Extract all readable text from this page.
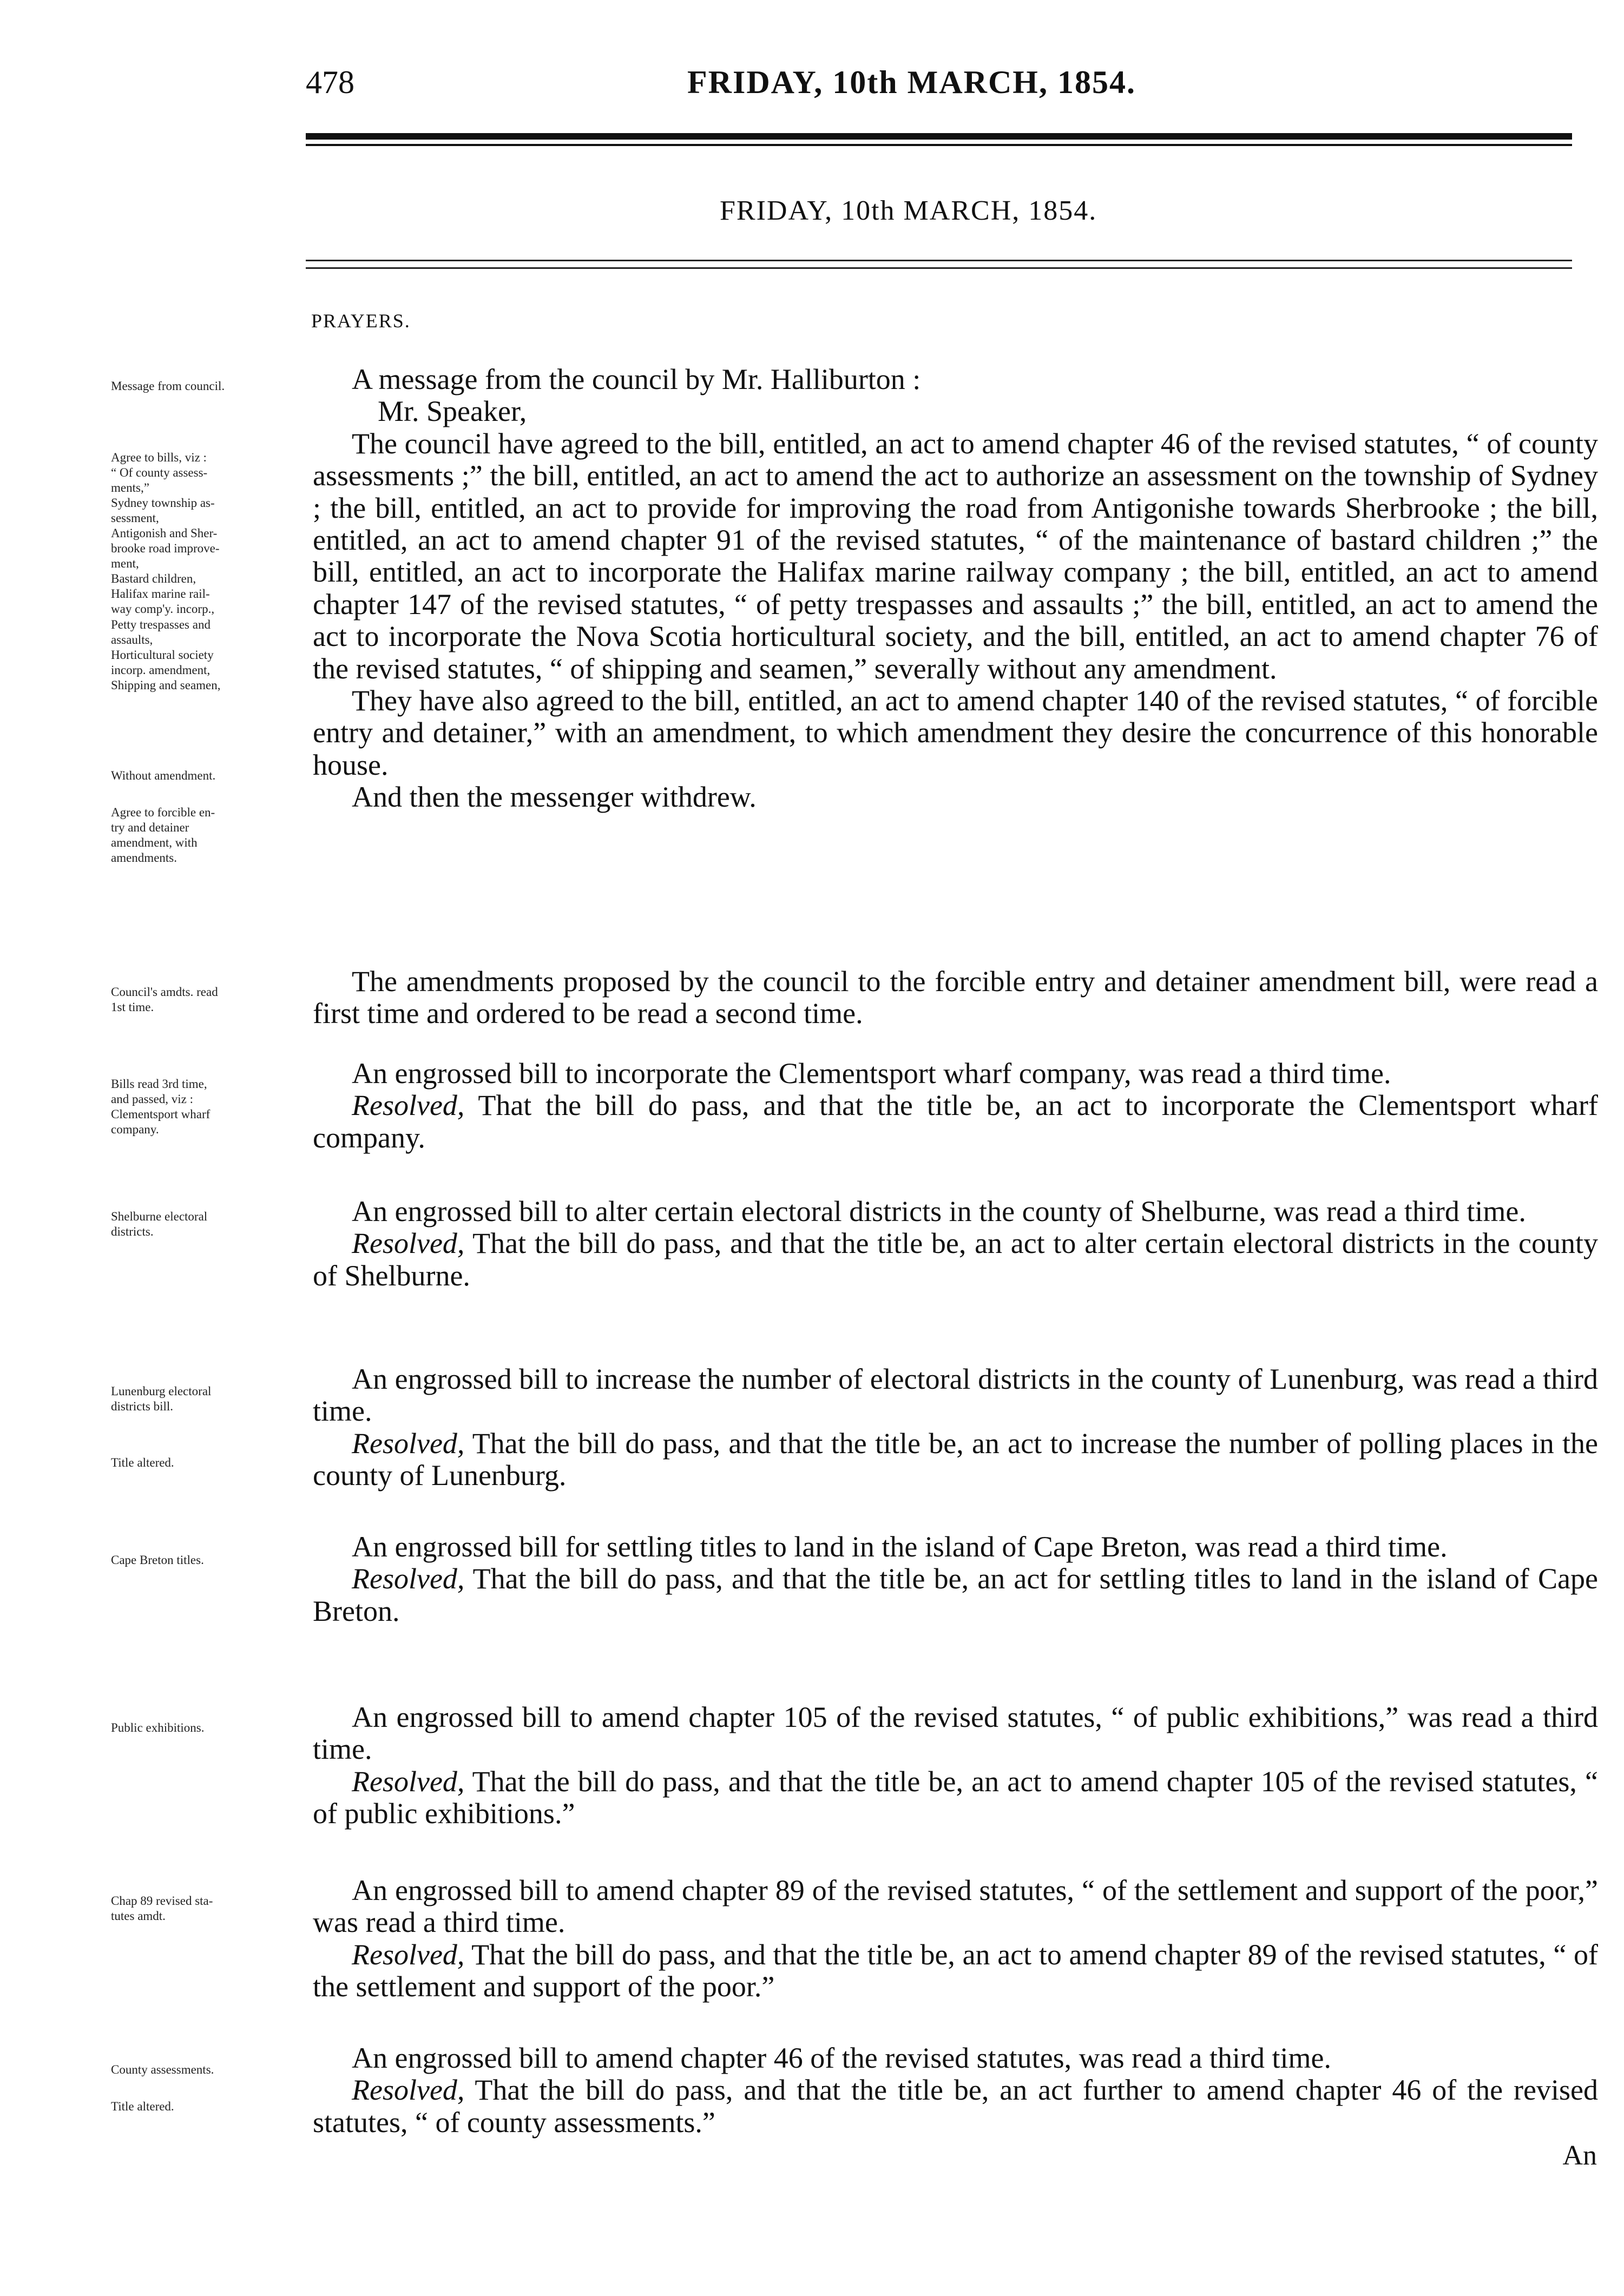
478	FRIDAY, 10th MARCH, 1854.
FRIDAY, 10th MARCH, 1854.
PRAYERS.
Message from council.
Agree to bills, viz :
“ Of county assess-
ments,”
Sydney township as-
sessment,
Antigonish and Sher-
brooke road improve-
ment,
Bastard children,
Halifax marine rail-
way comp'y. incorp.,
Petty trespasses and
assaults,
Horticultural society
incorp. amendment,
Shipping and seamen,
Without amendment.
Agree to forcible en-
try and detainer
amendment, with
amendments.
Council's amdts. read
1st time.
Bills read 3rd time,
and passed, viz :
Clementsport wharf
company.
Shelburne electoral
districts.
Lunenburg electoral
districts bill.
Title altered.
Cape Breton titles.
Public exhibitions.
Chap 89 revised sta-
tutes amdt.
County assessments.
Title altered.

A message from the council by Mr. Halliburton :

Mr. Speaker,

The council have agreed to the bill, entitled, an act to amend chapter 46 of the revised statutes, “ of county assessments ;” the bill, entitled, an act to amend the act to authorize an assessment on the township of Sydney ; the bill, entitled, an act to provide for improving the road from Antigonishe towards Sherbrooke ; the bill, entitled, an act to amend chapter 91 of the revised statutes, “ of the maintenance of bastard children ;” the bill, entitled, an act to incorporate the Halifax marine railway company ; the bill, entitled, an act to amend chapter 147 of the revised statutes, “ of petty trespasses and assaults ;” the bill, entitled, an act to amend the act to incorporate the Nova Scotia horticultural society, and the bill, entitled, an act to amend chapter 76 of the revised statutes, “ of shipping and seamen,” severally without any amendment.

They have also agreed to the bill, entitled, an act to amend chapter 140 of the revised statutes, “ of forcible entry and detainer,” with an amendment, to which amendment they desire the concurrence of this honorable house.

And then the messenger withdrew.

The amendments proposed by the council to the forcible entry and detainer amendment bill, were read a first time and ordered to be read a second time.

An engrossed bill to incorporate the Clementsport wharf company, was read a third time.

Resolved, That the bill do pass, and that the title be, an act to incorporate the Clementsport wharf company.

An engrossed bill to alter certain electoral districts in the county of Shelburne, was read a third time.

Resolved, That the bill do pass, and that the title be, an act to alter certain electoral districts in the county of Shelburne.

An engrossed bill to increase the number of electoral districts in the county of Lunenburg, was read a third time.

Resolved, That the bill do pass, and that the title be, an act to increase the number of polling places in the county of Lunenburg.

An engrossed bill for settling titles to land in the island of Cape Breton, was read a third time.

Resolved, That the bill do pass, and that the title be, an act for settling titles to land in the island of Cape Breton.

An engrossed bill to amend chapter 105 of the revised statutes, “ of public exhibitions,” was read a third time.

Resolved, That the bill do pass, and that the title be, an act to amend chapter 105 of the revised statutes, “ of public exhibitions.”

An engrossed bill to amend chapter 89 of the revised statutes, “ of the settlement and support of the poor,” was read a third time.

Resolved, That the bill do pass, and that the title be, an act to amend chapter 89 of the revised statutes, “ of the settlement and support of the poor.”

An engrossed bill to amend chapter 46 of the revised statutes, was read a third time.

Resolved, That the bill do pass, and that the title be, an act further to amend chapter 46 of the revised statutes, “ of county assessments.”

An
